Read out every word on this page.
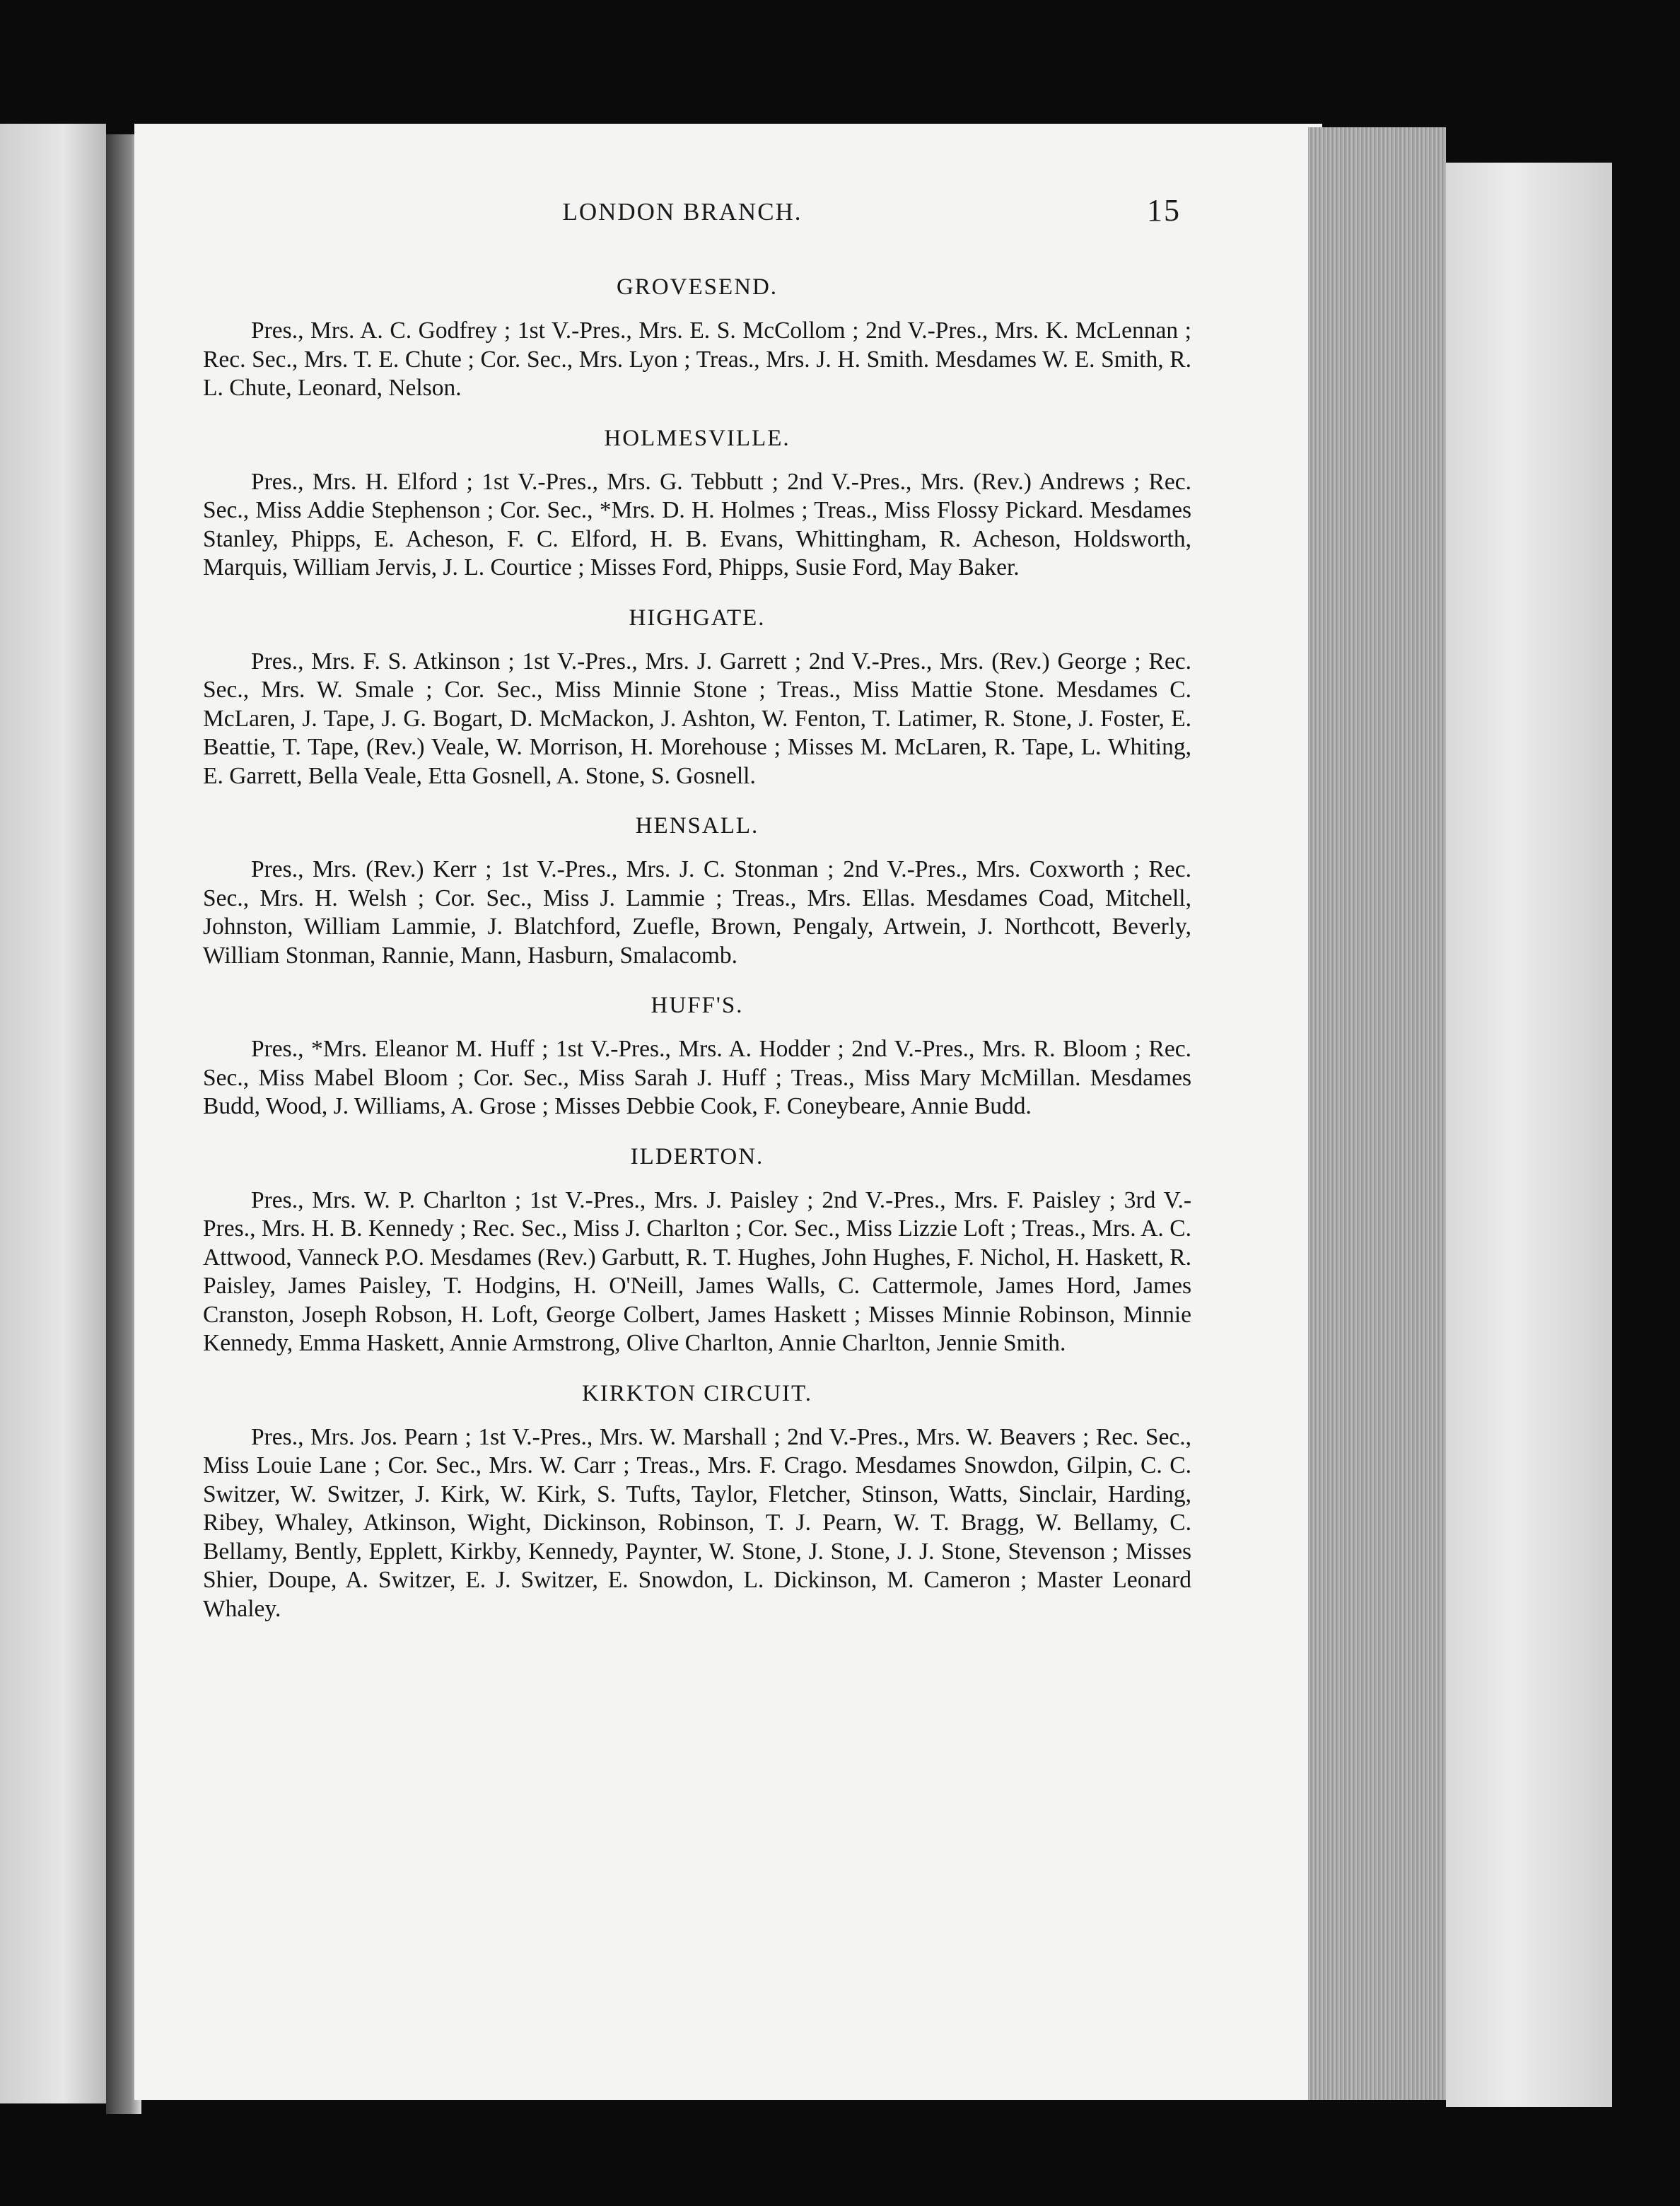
LONDON BRANCH.	15
GROVESEND.

Pres., Mrs. A. C. Godfrey ; 1st V.-Pres., Mrs. E. S. McCollom ; 2nd V.-Pres., Mrs. K. McLennan ; Rec. Sec., Mrs. T. E. Chute ; Cor. Sec., Mrs. Lyon ; Treas., Mrs. J. H. Smith. Mesdames W. E. Smith, R. L. Chute, Leonard, Nelson.

HOLMESVILLE.

Pres., Mrs. H. Elford ; 1st V.-Pres., Mrs. G. Tebbutt ; 2nd V.-Pres., Mrs. (Rev.) Andrews ; Rec. Sec., Miss Addie Stephenson ; Cor. Sec., *Mrs. D. H. Holmes ; Treas., Miss Flossy Pickard. Mesdames Stanley, Phipps, E. Acheson, F. C. Elford, H. B. Evans, Whittingham, R. Acheson, Holdsworth, Marquis, William Jervis, J. L. Courtice ; Misses Ford, Phipps, Susie Ford, May Baker.

HIGHGATE.

Pres., Mrs. F. S. Atkinson ; 1st V.-Pres., Mrs. J. Garrett ; 2nd V.-Pres., Mrs. (Rev.) George ; Rec. Sec., Mrs. W. Smale ; Cor. Sec., Miss Minnie Stone ; Treas., Miss Mattie Stone. Mesdames C. McLaren, J. Tape, J. G. Bogart, D. McMackon, J. Ashton, W. Fenton, T. Latimer, R. Stone, J. Foster, E. Beattie, T. Tape, (Rev.) Veale, W. Morrison, H. Morehouse ; Misses M. McLaren, R. Tape, L. Whiting, E. Garrett, Bella Veale, Etta Gosnell, A. Stone, S. Gosnell.

HENSALL.

Pres., Mrs. (Rev.) Kerr ; 1st V.-Pres., Mrs. J. C. Stonman ; 2nd V.-Pres., Mrs. Coxworth ; Rec. Sec., Mrs. H. Welsh ; Cor. Sec., Miss J. Lammie ; Treas., Mrs. Ellas. Mesdames Coad, Mitchell, Johnston, William Lammie, J. Blatchford, Zuefle, Brown, Pengaly, Artwein, J. Northcott, Beverly, William Stonman, Rannie, Mann, Hasburn, Smalacomb.

HUFF'S.

Pres., *Mrs. Eleanor M. Huff ; 1st V.-Pres., Mrs. A. Hodder ; 2nd V.-Pres., Mrs. R. Bloom ; Rec. Sec., Miss Mabel Bloom ; Cor. Sec., Miss Sarah J. Huff ; Treas., Miss Mary McMillan. Mesdames Budd, Wood, J. Williams, A. Grose ; Misses Debbie Cook, F. Coneybeare, Annie Budd.

ILDERTON.

Pres., Mrs. W. P. Charlton ; 1st V.-Pres., Mrs. J. Paisley ; 2nd V.-Pres., Mrs. F. Paisley ; 3rd V.-Pres., Mrs. H. B. Kennedy ; Rec. Sec., Miss J. Charlton ; Cor. Sec., Miss Lizzie Loft ; Treas., Mrs. A. C. Attwood, Vanneck P.O. Mesdames (Rev.) Garbutt, R. T. Hughes, John Hughes, F. Nichol, H. Haskett, R. Paisley, James Paisley, T. Hodgins, H. O'Neill, James Walls, C. Cattermole, James Hord, James Cranston, Joseph Robson, H. Loft, George Colbert, James Haskett ; Misses Minnie Robinson, Minnie Kennedy, Emma Haskett, Annie Armstrong, Olive Charlton, Annie Charlton, Jennie Smith.

KIRKTON CIRCUIT.

Pres., Mrs. Jos. Pearn ; 1st V.-Pres., Mrs. W. Marshall ; 2nd V.-Pres., Mrs. W. Beavers ; Rec. Sec., Miss Louie Lane ; Cor. Sec., Mrs. W. Carr ; Treas., Mrs. F. Crago. Mesdames Snowdon, Gilpin, C. C. Switzer, W. Switzer, J. Kirk, W. Kirk, S. Tufts, Taylor, Fletcher, Stinson, Watts, Sinclair, Harding, Ribey, Whaley, Atkinson, Wight, Dickinson, Robinson, T. J. Pearn, W. T. Bragg, W. Bellamy, C. Bellamy, Bently, Epplett, Kirkby, Kennedy, Paynter, W. Stone, J. Stone, J. J. Stone, Stevenson ; Misses Shier, Doupe, A. Switzer, E. J. Switzer, E. Snowdon, L. Dickinson, M. Cameron ; Master Leonard Whaley.
